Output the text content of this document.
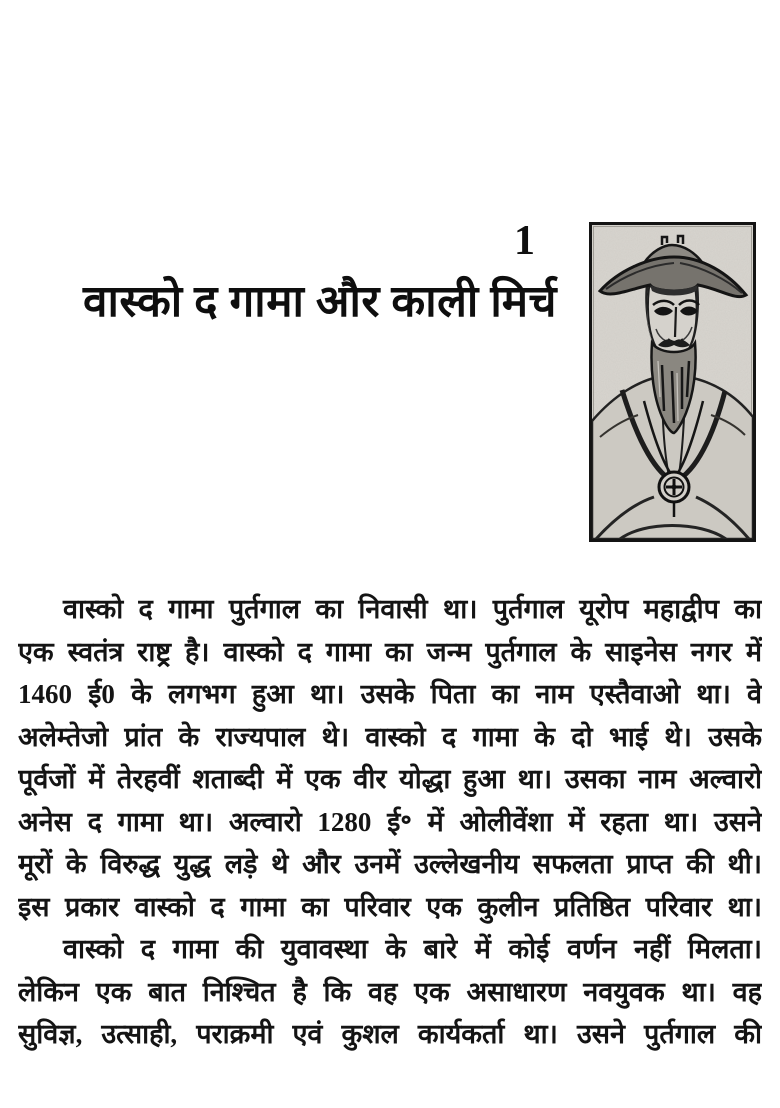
1
वास्को द गामा और काली मिर्च

वास्को द गामा पुर्तगाल का निवासी था। पुर्तगाल यूरोप महाद्वीप का

एक स्वतंत्र राष्ट्र है। वास्को द गामा का जन्म पुर्तगाल के साइनेस नगर में

1460 ई0 के लगभग हुआ था। उसके पिता का नाम एस्तैवाओ था। वे

अलेम्तेजो प्रांत के राज्यपाल थे। वास्को द गामा के दो भाई थे। उसके

पूर्वजों में तेरहवीं शताब्दी में एक वीर योद्धा हुआ था। उसका नाम अल्वारो

अनेस द गामा था। अल्वारो 1280 ई॰ में ओलीवेंशा में रहता था। उसने

मूरों के विरुद्ध युद्ध लड़े थे और उनमें उल्लेखनीय सफलता प्राप्त की थी।

इस प्रकार वास्को द गामा का परिवार एक कुलीन प्रतिष्ठित परिवार था।

वास्को द गामा की युवावस्था के बारे में कोई वर्णन नहीं मिलता।

लेकिन एक बात निश्चित है कि वह एक असाधारण नवयुवक था। वह

सुविज्ञ, उत्साही, पराक्रमी एवं कुशल कार्यकर्ता था। उसने पुर्तगाल की
